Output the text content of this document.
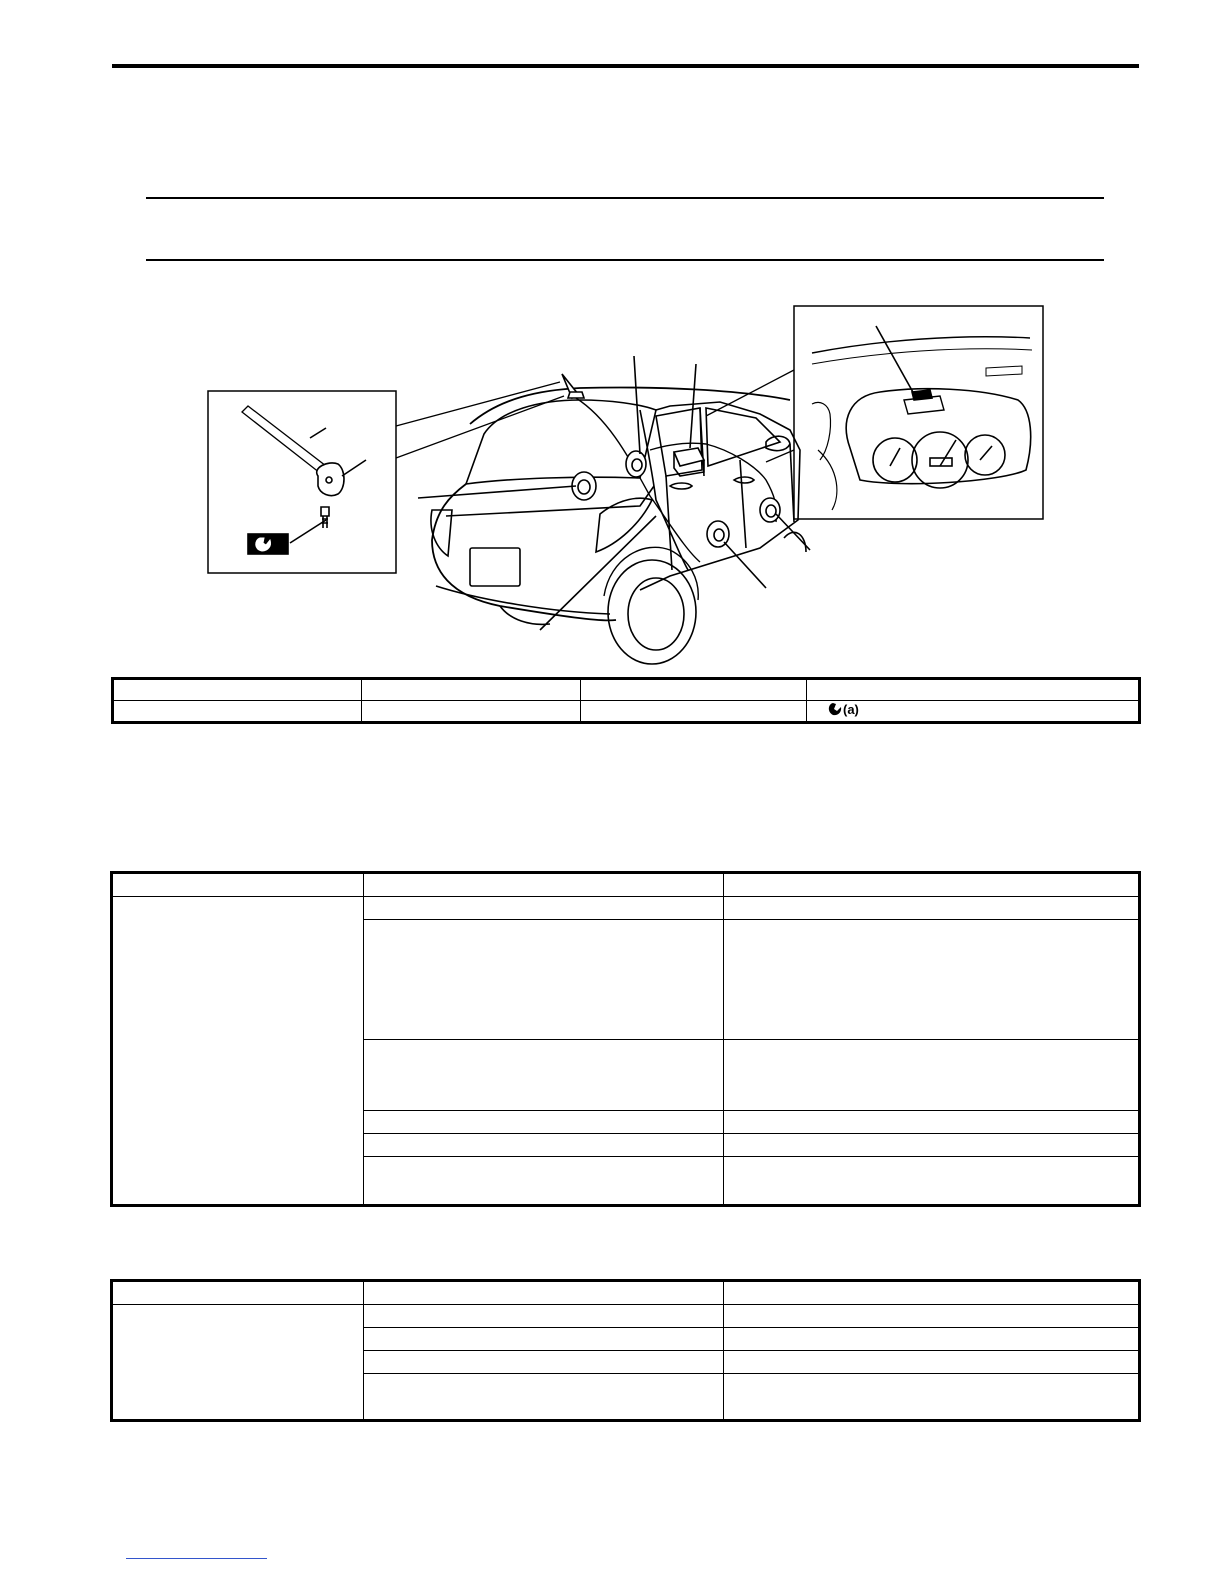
			(a)
